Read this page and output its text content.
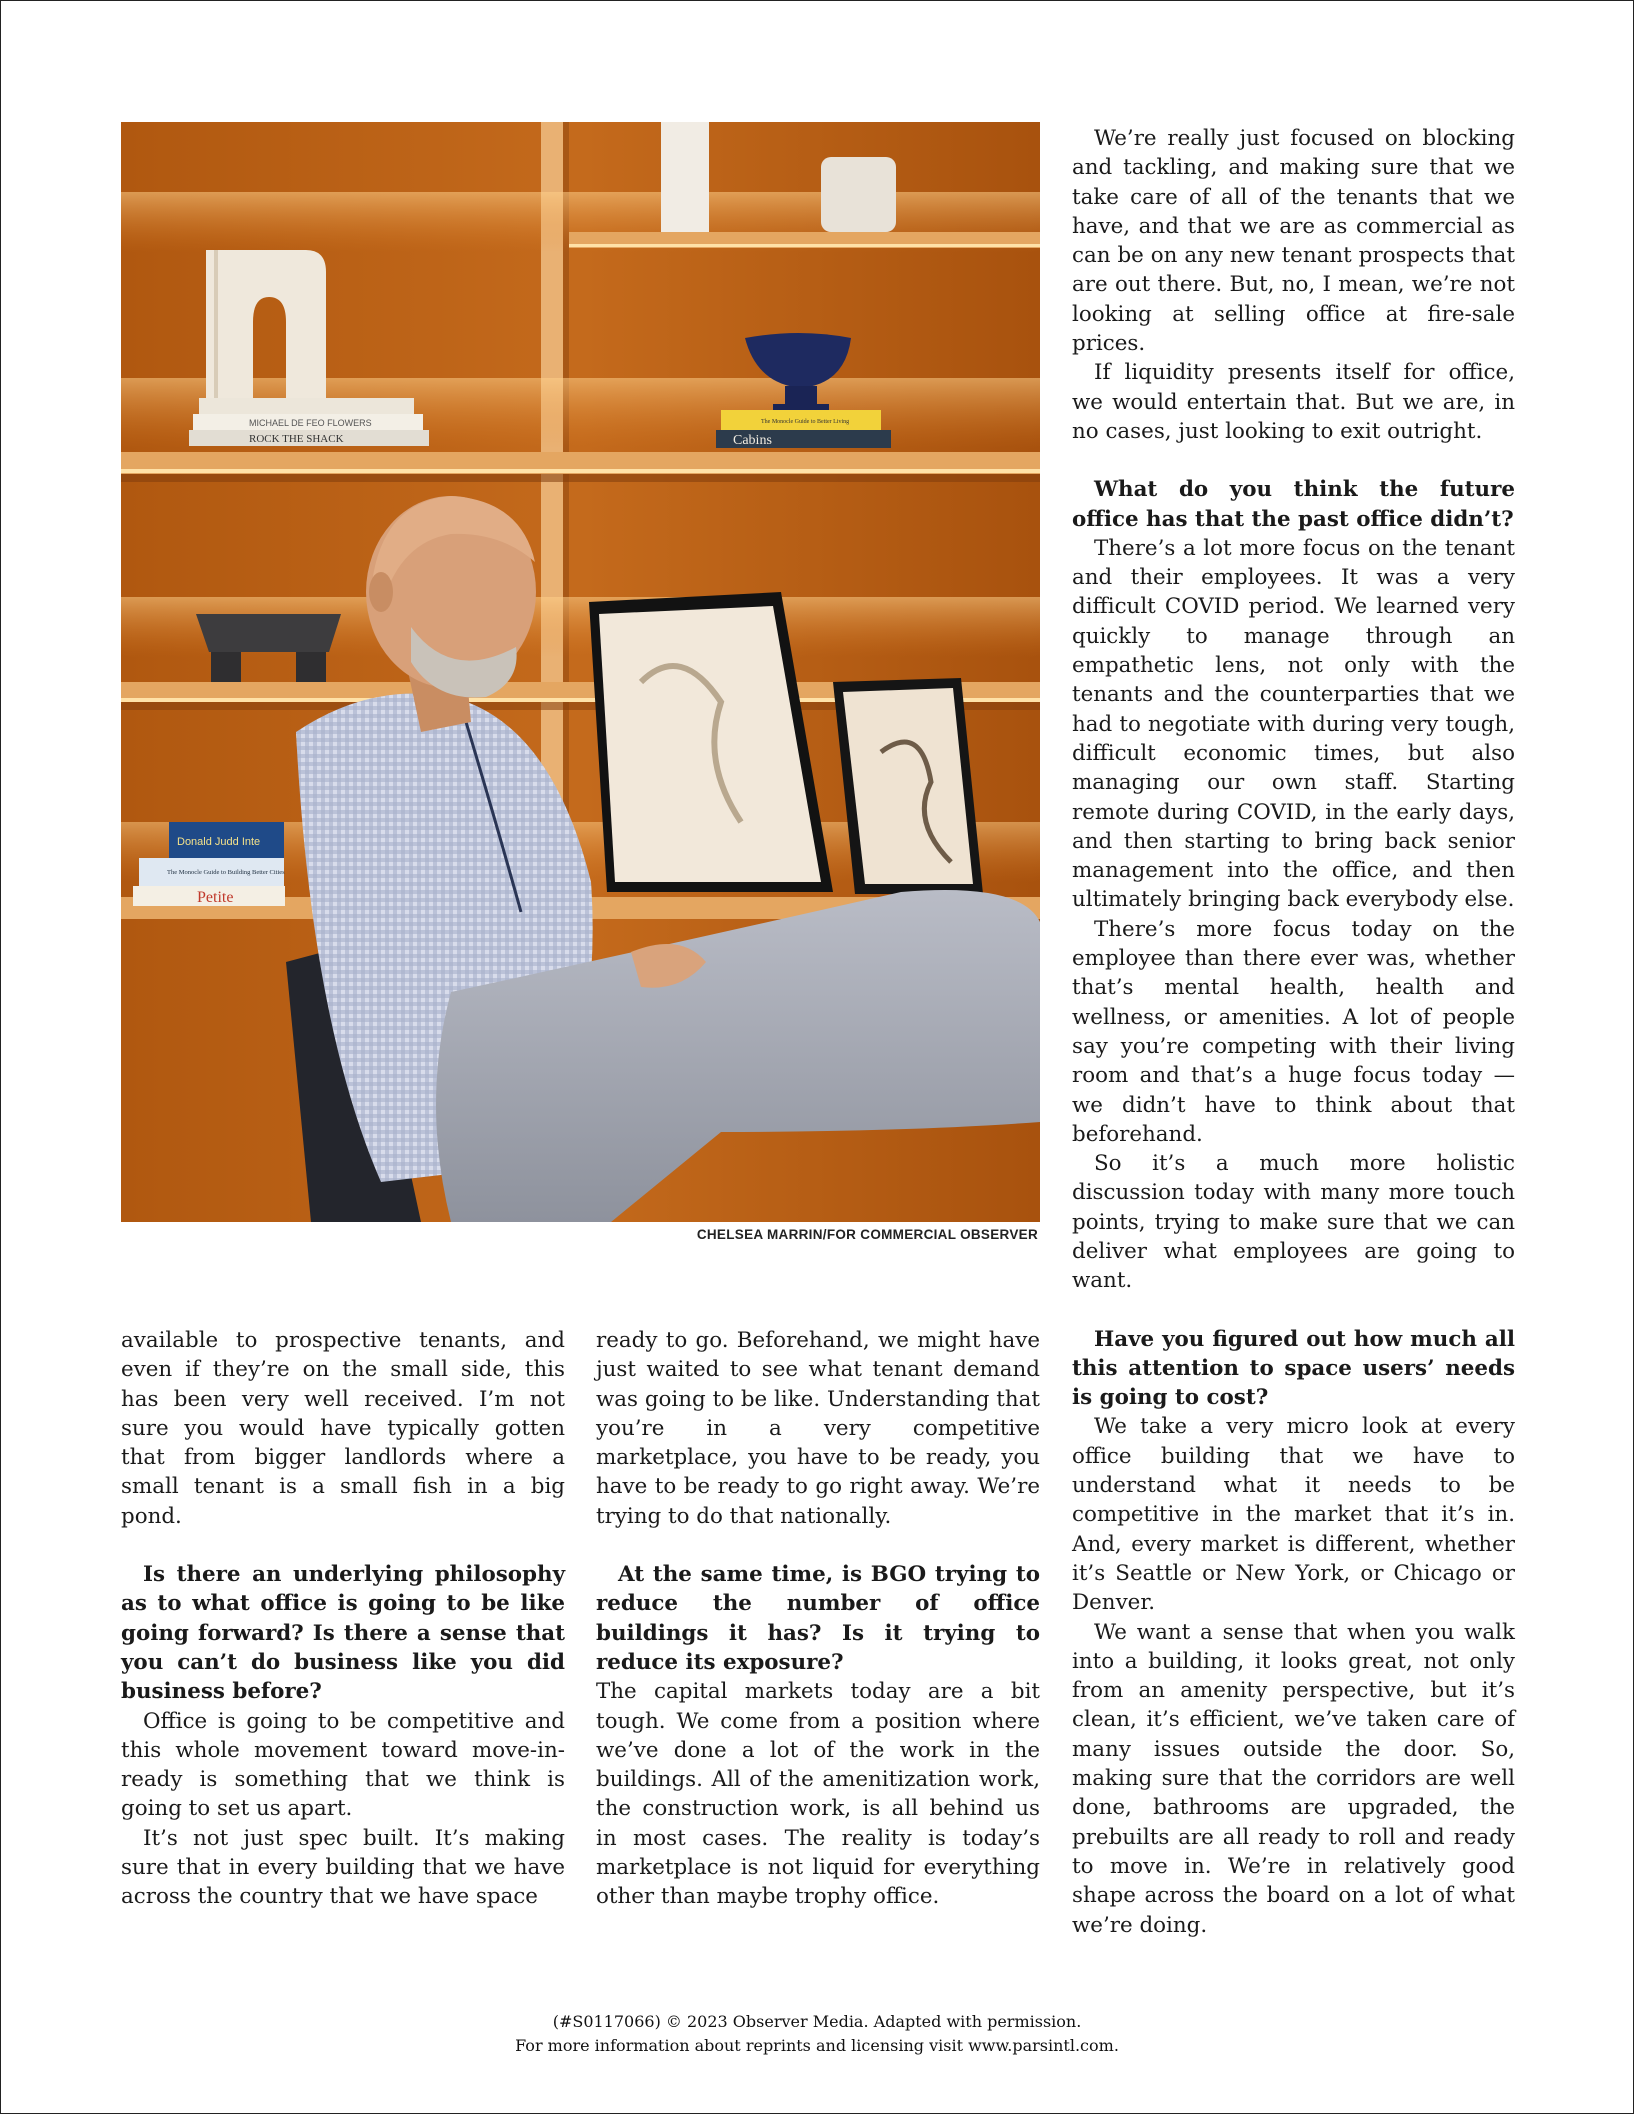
MICHAEL DE FEO FLOWERS
ROCK THE SHACK
The Monocle Guide to Better Living
Cabins
Donald Judd Inte
The Monocle Guide to Building Better Cities
Petite
CHELSEA MARRIN/FOR COMMERCIAL OBSERVER

available to prospective tenants, and even if they’re on the small side, this has been very well received. I’m not sure you would have typically gotten that from bigger landlords where a small tenant is a small fish in a big pond.

Is there an underlying philosophy as to what office is going to be like going forward? Is there a sense that you can’t do business like you did business before?

Office is going to be competitive and this whole movement toward move-in-ready is something that we think is going to set us apart.

It’s not just spec built. It’s making sure that in every building that we have across the country that we have space

ready to go. Beforehand, we might have just waited to see what tenant demand was going to be like. Understanding that you’re in a very competitive marketplace, you have to be ready, you have to be ready to go right away. We’re trying to do that nationally.

At the same time, is BGO trying to reduce the number of office buildings it has? Is it trying to reduce its exposure?

The capital markets today are a bit tough. We come from a position where we’ve done a lot of the work in the buildings. All of the amenitization work, the construction work, is all behind us in most cases. The reality is today’s marketplace is not liquid for everything other than maybe trophy office.

We’re really just focused on blocking and tackling, and making sure that we take care of all of the tenants that we have, and that we are as commercial as can be on any new tenant prospects that are out there. But, no, I mean, we’re not looking at selling office at fire-sale prices.

If liquidity presents itself for office, we would entertain that. But we are, in no cases, just looking to exit outright.

What do you think the future office has that the past office didn’t?

There’s a lot more focus on the tenant and their employees. It was a very difficult COVID period. We learned very quickly to manage through an empathetic lens, not only with the tenants and the counterparties that we had to negotiate with during very tough, difficult economic times, but also managing our own staff. Starting remote during COVID, in the early days, and then starting to bring back senior management into the office, and then ultimately bringing back everybody else.

There’s more focus today on the employee than there ever was, whether that’s mental health, health and wellness, or amenities. A lot of people say you’re competing with their living room and that’s a huge focus today — we didn’t have to think about that beforehand.

So it’s a much more holistic discussion today with many more touch points, trying to make sure that we can deliver what employees are going to want.

Have you figured out how much all this attention to space users’ needs is going to cost?

We take a very micro look at every office building that we have to understand what it needs to be competitive in the market that it’s in. And, every market is different, whether it’s Seattle or New York, or Chicago or Denver.

We want a sense that when you walk into a building, it looks great, not only from an amenity perspective, but it’s clean, it’s efficient, we’ve taken care of many issues outside the door. So, making sure that the corridors are well done, bathrooms are upgraded, the prebuilts are all ready to roll and ready to move in. We’re in relatively good shape across the board on a lot of what we’re doing.

(#S0117066) © 2023 Observer Media. Adapted with permission.
For more information about reprints and licensing visit www.parsintl.com.
